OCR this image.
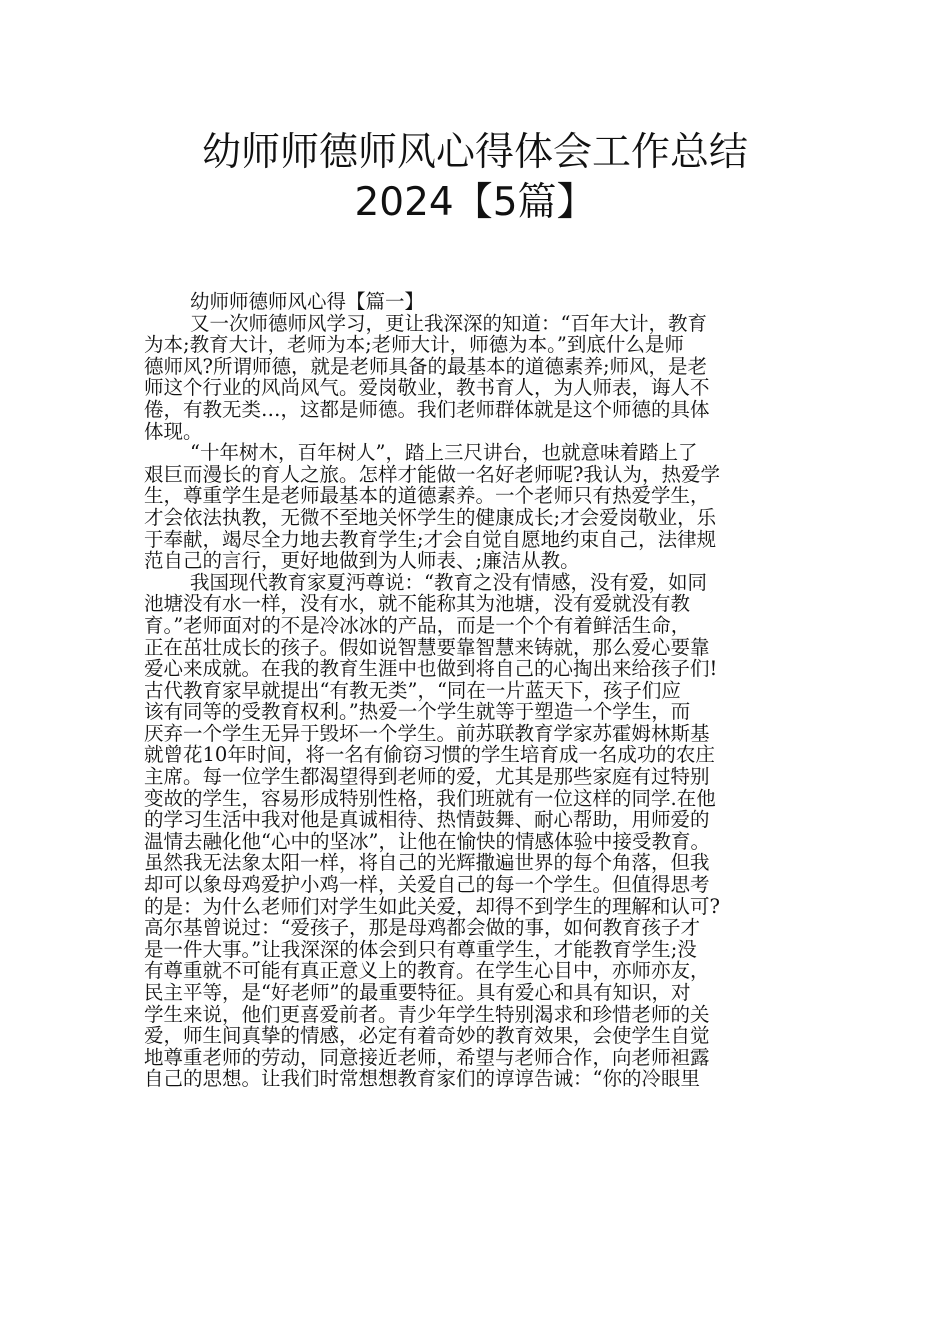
幼师师德师风心得体会工作总结
2024【5篇】
幼师师德师风心得【篇一】
又一次师德师风学习，更让我深深的知道：“百年大计，教育
为本;教育大计，老师为本;老师大计，师德为本。”到底什么是师
德师风?所谓师德，就是老师具备的最基本的道德素养;师风，是老
师这个行业的风尚风气。爱岗敬业，教书育人，为人师表，诲人不
倦，有教无类…，这都是师德。我们老师群体就是这个师德的具体
体现。
“十年树木，百年树人”，踏上三尺讲台，也就意味着踏上了
艰巨而漫长的育人之旅。怎样才能做一名好老师呢?我认为，热爱学
生，尊重学生是老师最基本的道德素养。一个老师只有热爱学生，
才会依法执教，无微不至地关怀学生的健康成长;才会爱岗敬业，乐
于奉献，竭尽全力地去教育学生;才会自觉自愿地约束自己，法律规
范自己的言行，更好地做到为人师表、;廉洁从教。
我国现代教育家夏沔尊说：“教育之没有情感，没有爱，如同
池塘没有水一样，没有水，就不能称其为池塘，没有爱就没有教
育。”老师面对的不是冷冰冰的产品，而是一个个有着鲜活生命，
正在茁壮成长的孩子。假如说智慧要靠智慧来铸就，那么爱心要靠
爱心来成就。在我的教育生涯中也做到将自己的心掏出来给孩子们!
古代教育家早就提出“有教无类”，“同在一片蓝天下，孩子们应
该有同等的受教育权利。”热爱一个学生就等于塑造一个学生，而
厌弃一个学生无异于毁坏一个学生。前苏联教育学家苏霍姆林斯基
就曾花10年时间，将一名有偷窃习惯的学生培育成一名成功的农庄
主席。每一位学生都渴望得到老师的爱，尤其是那些家庭有过特别
变故的学生，容易形成特别性格，我们班就有一位这样的同学.在他
的学习生活中我对他是真诚相待、热情鼓舞、耐心帮助，用师爱的
温情去融化他“心中的坚冰”，让他在愉快的情感体验中接受教育。
虽然我无法象太阳一样，将自己的光辉撒遍世界的每个角落，但我
却可以象母鸡爱护小鸡一样，关爱自己的每一个学生。但值得思考
的是：为什么老师们对学生如此关爱，却得不到学生的理解和认可?
高尔基曾说过：“爱孩子，那是母鸡都会做的事，如何教育孩子才
是一件大事。”让我深深的体会到只有尊重学生，才能教育学生;没
有尊重就不可能有真正意义上的教育。在学生心目中，亦师亦友，
民主平等，是“好老师”的最重要特征。具有爱心和具有知识，对
学生来说，他们更喜爱前者。青少年学生特别渴求和珍惜老师的关
爱，师生间真挚的情感，必定有着奇妙的教育效果，会使学生自觉
地尊重老师的劳动，同意接近老师，希望与老师合作，向老师袒露
自己的思想。让我们时常想想教育家们的谆谆告诫：“你的冷眼里
